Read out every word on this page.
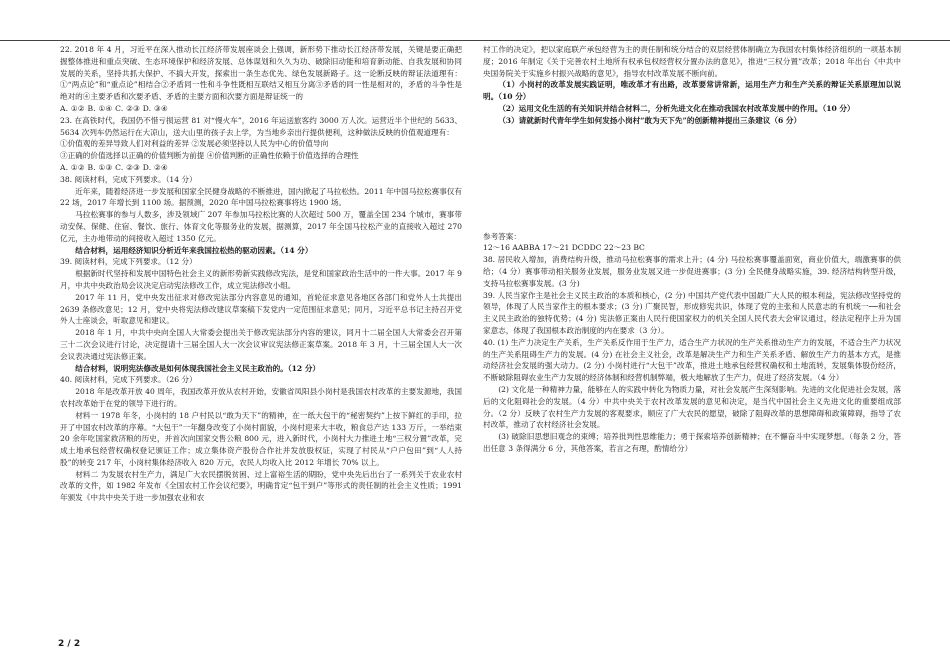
22. 2018 年 4 月，习近平在深入推动长江经济带发展座谈会上强调，新形势下推动长江经济带发展，关键是要正确把握整体推进和重点突破、生态环境保护和经济发展、总体谋划和久久为功、破除旧动能和培育新动能、自我发展和协同发展的关系，坚持共抓大保护、不搞大开发，探索出一条生态优先、绿色发展新路子。这一论断反映的辩证法道理有：①“两点论”和“重点论”相结合②矛盾同一性和斗争性既相互联结又相互分离③矛盾的同一性是相对的，矛盾的斗争性是绝对的④主要矛盾和次要矛盾、矛盾的主要方面和次要方面是辩证统一的

A. ①② B. ①④ C. ②③ D. ③④

23. 在高铁时代，我国仍不惜亏损运营 81 对“慢火车”，2016 年运送旅客约 3000 万人次。运营近半个世纪的 5633、5634 次列车仍然运行在大凉山，送大山里的孩子去上学，为当地乡亲出行提供便利，这种做法反映的价值观道理有：

①价值观的差异导致人们对利益的差异 ②发展必须坚持以人民为中心的价值导向

③正确的价值选择以正确的价值判断为前提 ④价值判断的正确性依赖于价值选择的合理性

A. ①② B. ①③ C. ②③ D. ②④

38. 阅读材料，完成下列要求。（14 分）

近年来，随着经济进一步发展和国家全民健身战略的不断推进，国内掀起了马拉松热。2011 年中国马拉松赛事仅有 22 场，2017 年增长到 1100 场。据预测，2020 年中国马拉松赛事将达 1900 场。

马拉松赛事的参与人数多，涉及领域广 207 年参加马拉松比赛的人次超过 500 万，覆盖全国 234 个城市，赛事带动安保、保健、住宿、餐饮、旅行、体育文化等服务业的发展，据测算，2017 年全国马拉松产业的直接收入超过 270 亿元，主办地带动的间接收入超过 1350 亿元。

结合材料，运用经济知识分析近年来我国拉松热的驱动因素。（14 分）

39. 阅读材料，完成下列要求。（12 分）

根据新时代坚持和发展中国特色社会主义的新形势新实践修改宪法，是党和国家政治生活中的一件大事。2017 年 9 月，中共中央政治局会议决定启动宪法修改工作，成立宪法修改小组。

2017 年 11 月，党中央发出征求对修改宪法部分内容意见的通知，首轮征求意见各地区各部门和党外人士共提出 2639 条修改意见；12 月，党中央将宪法修改建议草案稿下发党内一定范围征求意见；同月，习近平总书记主持召开党外人士座谈会，听取意见和建议。

2018 年 1 月，中共中央向全国人大常委会提出关于修改宪法部分内容的建议，同月十二届全国人大常委会召开第三十二次会议进行讨论，决定提请十三届全国人大一次会议审议宪法修正案草案。2018 年 3 月，十三届全国人大一次会议表决通过宪法修正案。

结合材料，说明宪法修改是如何体现我国社会主义民主政治的。（12 分）

40. 阅读材料，完成下列要求。（26 分）

2018 年是改革开放 40 周年，我国改革开放从农村开始，安徽省凤阳县小岗村是我国农村改革的主要发源地，我国农村改革始于在党的领导下进行的。

材料一 1978 年冬，小岗村的 18 户村民以“敢为天下”的精神，在一纸大包干的“秘密契约”上按下鲜红的手印，拉开了中国农村改革的序幕。“大包干”一年翻身改变了小岗村面貌，小岗村迎来大丰收，粮食总产达 133 万斤，一举结束 20 余年吃国家救济粮的历史，并首次向国家交售公粮 800 元，进入新时代，小岗村大力推进土地“三权分置”改革，完成土地承包经营权确权登记颁证工作；成立集体资产股份合作社并发放股权证，实现了村民从“户户包田”到“人人持股”的转变 217 年，小岗村集体经济收入 820 万元，农民人均收入比 2012 年增长 70% 以上。

材料二 为发展农村生产力，满足广大农民摆脱贫困、过上富裕生活的期盼，党中央先后出台了一系列关于农业农村改革的文件，如 1982 年发布《全国农村工作会议纪要》，明确肯定“包干到户”等形式的责任制的社会主义性质；1991 年颁发《中共中央关于进一步加强农业和农

村工作的决定》，把以家庭联产承包经营为主的责任制和统分结合的双层经营体制确立为我国农村集体经济组织的一项基本制度；2016 年制定《关于完善农村土地所有权承包权经营权分置办法的意见》，推进“三权分置”改革；2018 年出台《中共中央国务院关于实施乡村振兴战略的意见》，指导农村改革发展不断向前。

（1）小岗村的改革发展实践证明，唯改革才有出路，改革要常讲常新，运用生产力和生产关系的辩证关系原理加以说明。（10 分）

（2）运用文化生活的有关知识并结合材料二，分析先进文化在推动我国农村改革发展中的作用。（10 分）

（3）请就新时代青年学生如何发扬小岗村“敢为天下先”的创新精神提出三条建议（6 分）

参考答案：

12～16 AABBA 17～21 DCDDC 22～23 BC

38. 居民收入增加，消费结构升级，推动马拉松赛事的需求上升；(4 分) 马拉松赛事覆盖面宽，商业价值大，端激赛事的供给；（4 分）赛事带动相关服务业发展，服务业发展又进一步促进赛事；(3 分) 全民健身战略实施，39. 经济结构转型升级，支持马拉松赛事发展。(3 分)

39. 人民当家作主是社会主义民主政治的本质和核心，(2 分) 中国共产党代表中国最广大人民的根本利益，宪法修改坚持党的领导，体现了人民当家作主的根本要求；(3 分) 广聚民智，形成修宪共识，体现了党的主张和人民意志的有机统一──和社会主义民主政治的独特优势；(4 分) 宪法修正案由人民行使国家权力的机关全国人民代表大会审议通过，经法定程序上升为国家意志，体现了我国根本政治制度的内在要求（3 分）。

40. (1) 生产力决定生产关系，生产关系反作用于生产力，适合生产力状况的生产关系推动生产力的发展，不适合生产力状况的生产关系阻碍生产力的发展。(4 分) 在社会主义社会，改革是解决生产力和生产关系矛盾、解放生产力的基本方式，是推动经济社会发展的强大动力。(2 分) 小岗村进行“大包干”改革，推进土地承包经营权确权和土地流转，发展集体股份经济，不断破除阻碍农业生产力发展的经济体制和经营机制弊端，极大地解放了生产力，促进了经济发展。（4 分）

(2) 文化是一种精神力量，能够在人的实践中转化为物质力量，对社会发展产生深刻影响。先进的文化促进社会发展，落后的文化阻碍社会的发展。（4 分）中共中央关于农村改革发展的意见和决定，是当代中国社会主义先进文化的重要组成部分。（2 分）反映了农村生产力发展的客观要求，顺应了广大农民的愿望，破除了阻碍改革的思想障碍和政策障碍，指导了农村改革，推动了农村经济社会发展。

(3) 破除旧思想旧观念的束缚；培养批判性思维能力；勇于探索培养创新精神；在不懈奋斗中实现梦想。（每条 2 分，答出任意 3 条得满分 6 分，其他答案，若言之有理，酌情给分）

2 / 2
